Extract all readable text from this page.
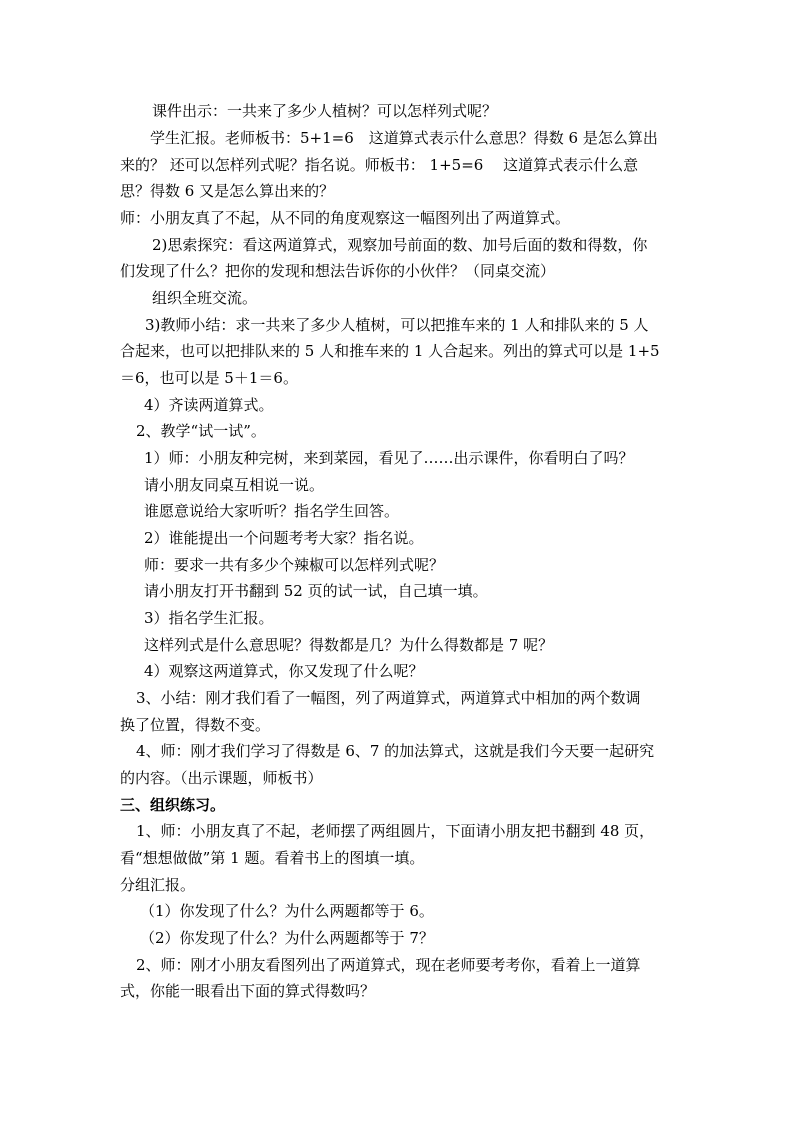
课件出示：一共来了多少人植树？可以怎样列式呢？
学生汇报。老师板书：5+1=6　这道算式表示什么意思？得数 6 是怎么算出
来的？ 还可以怎样列式呢？指名说。师板书： 1+5=6　 这道算式表示什么意
思？得数 6 又是怎么算出来的？
师：小朋友真了不起，从不同的角度观察这一幅图列出了两道算式。
2)思索探究：看这两道算式，观察加号前面的数、加号后面的数和得数，你
们发现了什么？把你的发现和想法告诉你的小伙伴？（同桌交流）
组织全班交流。
3)教师小结：求一共来了多少人植树，可以把推车来的 1 人和排队来的 5 人
合起来，也可以把排队来的 5 人和推车来的 1 人合起来。列出的算式可以是 1+5
＝6，也可以是 5＋1＝6。
4）齐读两道算式。
2、教学“试一试”。
1）师：小朋友种完树，来到菜园，看见了……出示课件，你看明白了吗？
请小朋友同桌互相说一说。
谁愿意说给大家听听？指名学生回答。
2）谁能提出一个问题考考大家？指名说。
师：要求一共有多少个辣椒可以怎样列式呢？
请小朋友打开书翻到 52 页的试一试，自己填一填。
3）指名学生汇报。
这样列式是什么意思呢？得数都是几？为什么得数都是 7 呢？
4）观察这两道算式，你又发现了什么呢？
3、小结：刚才我们看了一幅图，列了两道算式，两道算式中相加的两个数调
换了位置，得数不变。
4、师：刚才我们学习了得数是 6、7 的加法算式，这就是我们今天要一起研究
的内容。（出示课题，师板书）
三、组织练习。
1、师：小朋友真了不起，老师摆了两组圆片，下面请小朋友把书翻到 48 页，
看“想想做做”第 1 题。看着书上的图填一填。
分组汇报。
（1）你发现了什么？为什么两题都等于 6。
（2）你发现了什么？为什么两题都等于 7？
2、师：刚才小朋友看图列出了两道算式，现在老师要考考你，看着上一道算
式，你能一眼看出下面的算式得数吗？
